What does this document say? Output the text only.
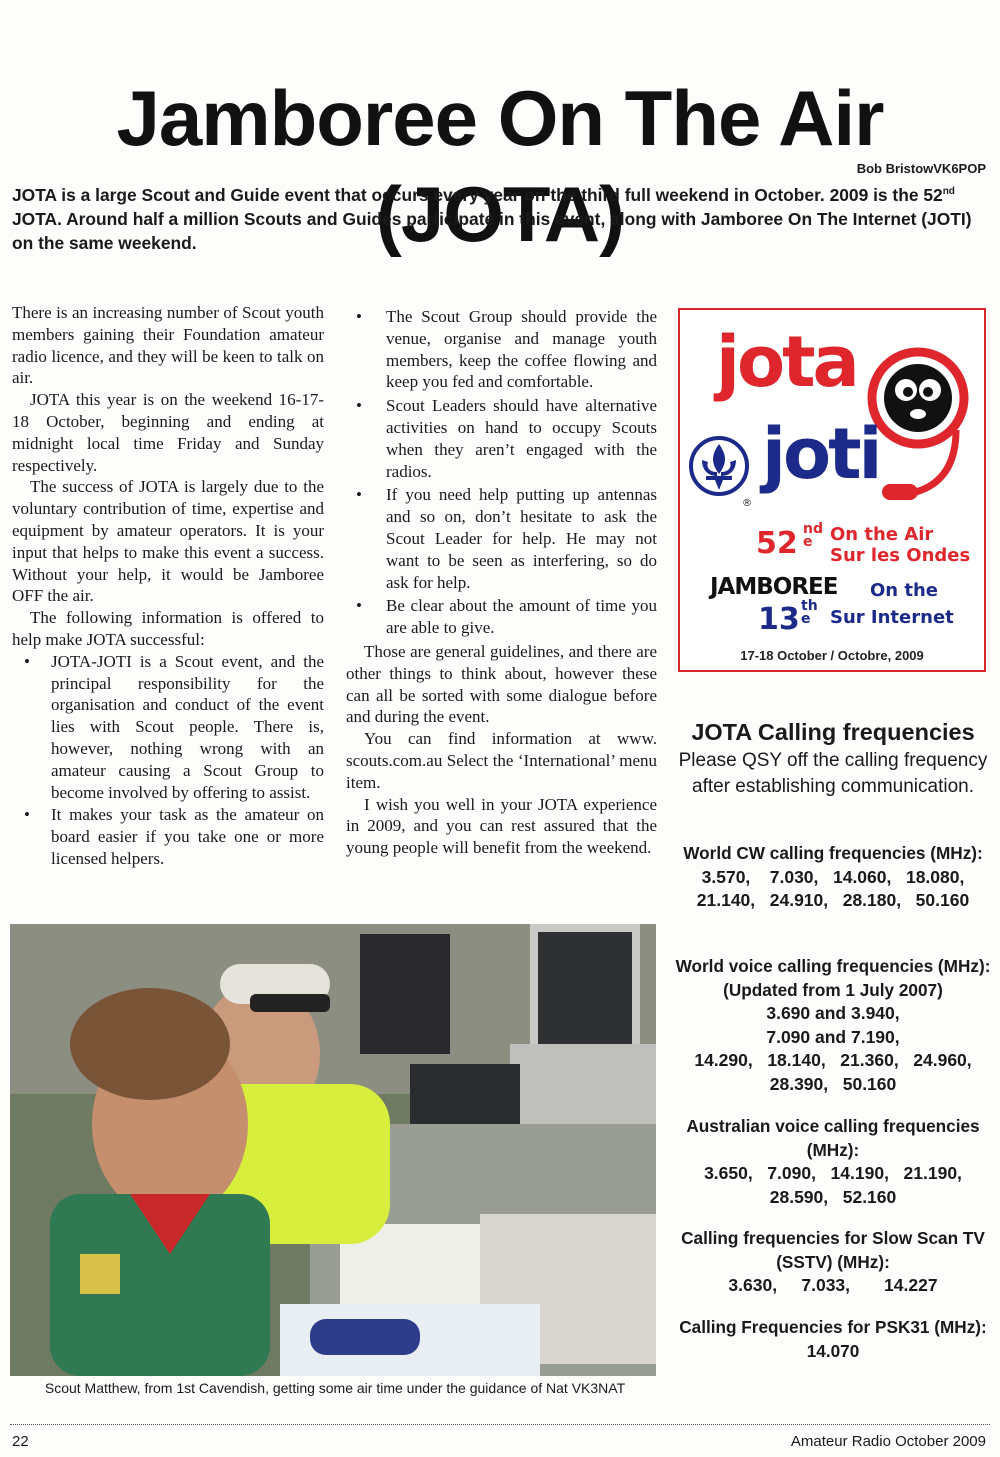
Jamboree On The Air (JOTA)

Bob BristowVK6POP

JOTA is a large Scout and Guide event that occurs every year on the third full weekend in October. 2009 is the 52nd JOTA. Around half a million Scouts and Guides participate in this event, along with Jamboree On The Internet (JOTI) on the same weekend.

There is an increasing number of Scout youth members gaining their Foundation amateur radio licence, and they will be keen to talk on air.

JOTA this year is on the weekend 16-17-18 October, beginning and ending at midnight local time Friday and Sunday respectively.

The success of JOTA is largely due to the voluntary contribution of time, expertise and equipment by amateur operators. It is your input that helps to make this event a success. Without your help, it would be Jamboree OFF the air.

The following information is offered to help make JOTA successful:

• JOTA-JOTI is a Scout event, and the principal responsibility for the organisation and conduct of the event lies with Scout people. There is, however, nothing wrong with an amateur causing a Scout Group to become involved by offering to assist.
• It makes your task as the amateur on board easier if you take one or more licensed helpers.
• The Scout Group should provide the venue, organise and manage youth members, keep the coffee flowing and keep you fed and comfortable.
• Scout Leaders should have alternative activities on hand to occupy Scouts when they aren’t engaged with the radios.
• If you need help putting up antennas and so on, don’t hesitate to ask the Scout Leader for help. He may not want to be seen as interfering, so do ask for help.
• Be clear about the amount of time you are able to give.

Those are general guidelines, and there are other things to think about, however these can all be sorted with some dialogue before and during the event.

You can find information at www. scouts.com.au Select the ‘International’ menu item.

I wish you well in your JOTA experience in 2009, and you can rest assured that the young people will benefit from the weekend.

jota

joti

®

52 nd
e On the Air

Sur les Ondes

JAMBOREE On the

13 th
e	Sur Internet

17-18 October / Octobre, 2009

JOTA Calling frequencies

Please QSY off the calling frequency after establishing communication.

World CW calling frequencies (MHz):

3.570,    7.030,   14.060,   18.080,

21.140,   24.910,   28.180,   50.160

World voice calling frequencies (MHz): (Updated from 1 July 2007)

3.690 and 3.940,

7.090 and 7.190,

14.290,   18.140,   21.360,   24.960,

28.390,   50.160

Australian voice calling frequencies (MHz):

3.650,   7.090,   14.190,   21.190,

28.590,   52.160

Calling frequencies for Slow Scan TV (SSTV) (MHz):

3.630,     7.033,       14.227

Calling Frequencies for PSK31 (MHz): 14.070

Scout Matthew, from 1st Cavendish, getting some air time under the guidance of Nat VK3NAT

22	Amateur Radio October 2009
